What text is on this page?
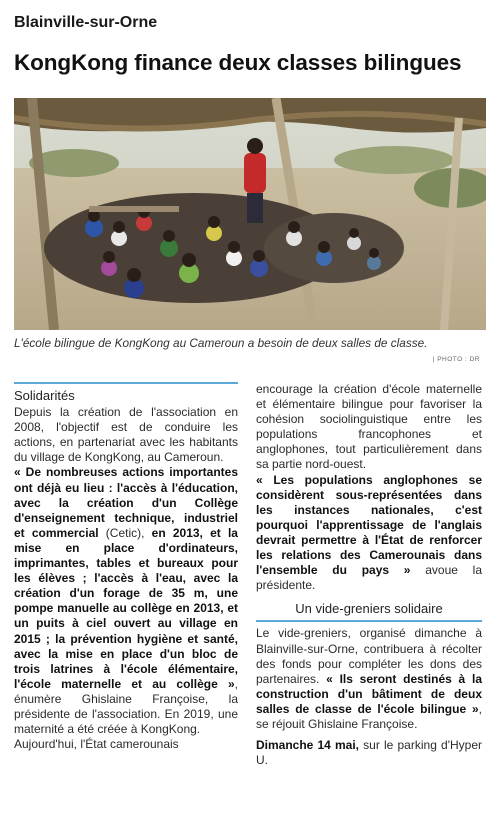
Blainville-sur-Orne
KongKong finance deux classes bilingues
L'école bilingue de KongKong au Cameroun a besoin de deux salles de classe.
| PHOTO : DR
Solidarités

Depuis la création de l'association en 2008, l'objectif est de conduire les actions, en partenariat avec les habitants du village de KongKong, au Cameroun.

« De nombreuses actions importantes ont déjà eu lieu : l'accès à l'éducation, avec la création d'un Collège d'enseignement technique, industriel et commercial (Cetic), en 2013, et la mise en place d'ordinateurs, imprimantes, tables et bureaux pour les élèves ; l'accès à l'eau, avec la création d'un forage de 35 m, une pompe manuelle au collège en 2013, et un puits à ciel ouvert au village en 2015 ; la prévention hygiène et santé, avec la mise en place d'un bloc de trois latrines à l'école élémentaire, l'école maternelle et au collège », énumère Ghislaine Françoise, la présidente de l'association. En 2019, une maternité a été créée à KongKong.

Aujourd'hui, l'État camerounais

encourage la création d'école maternelle et élémentaire bilingue pour favoriser la cohésion sociolinguistique entre les populations francophones et anglophones, tout particulièrement dans sa partie nord-ouest.

« Les populations anglophones se considèrent sous-représentées dans les instances nationales, c'est pourquoi l'apprentissage de l'anglais devrait permettre à l'État de renforcer les relations des Camerounais dans l'ensemble du pays » avoue la présidente.

Un vide-greniers solidaire

Le vide-greniers, organisé dimanche à Blainville-sur-Orne, contribuera à récolter des fonds pour compléter les dons des partenaires. « Ils seront destinés à la construction d'un bâtiment de deux salles de classe de l'école bilingue », se réjouit Ghislaine Françoise.

Dimanche 14 mai, sur le parking d'Hyper U.
